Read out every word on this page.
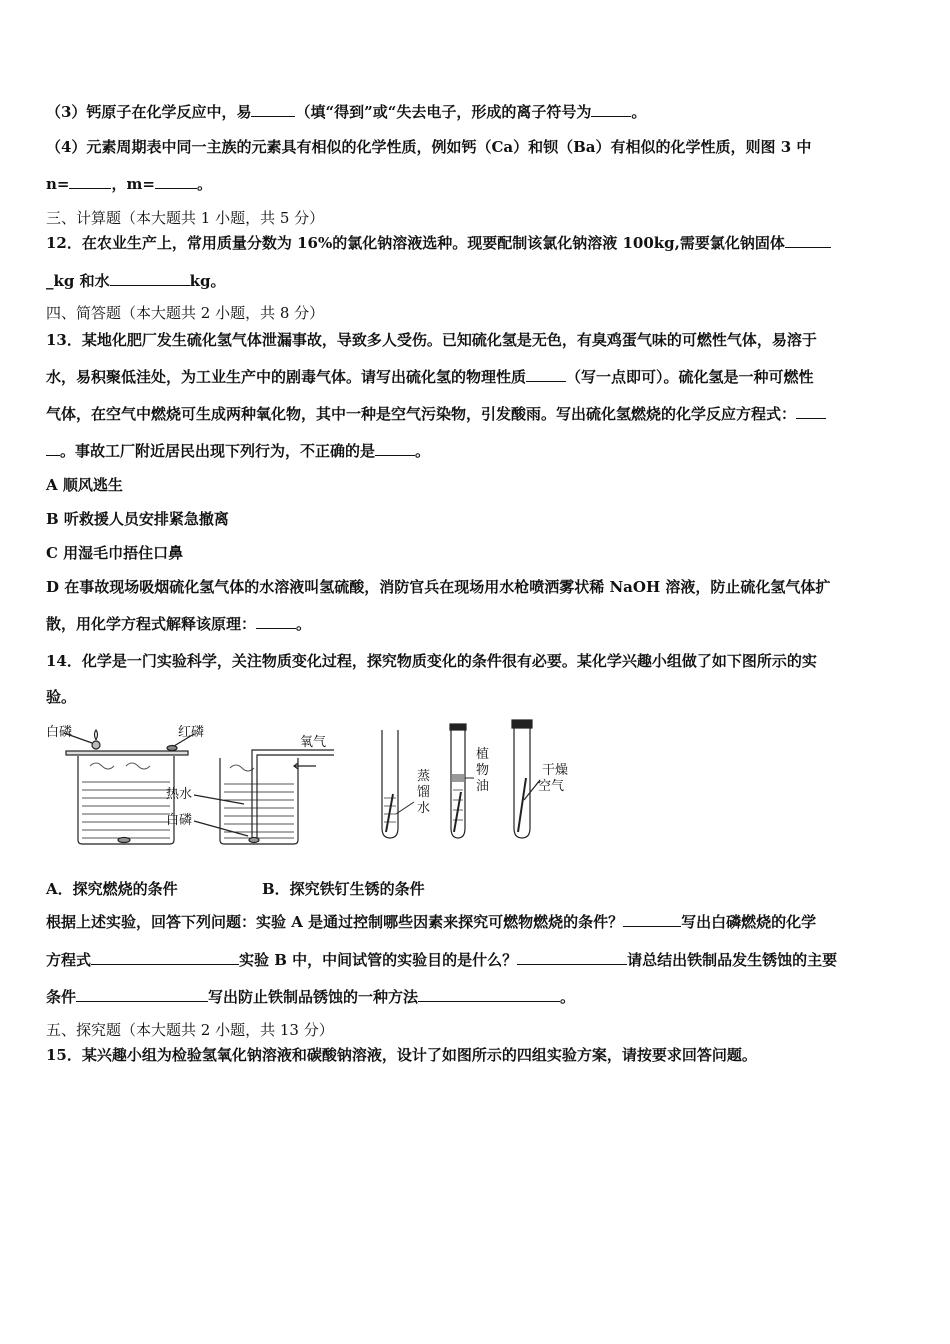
（3）钙原子在化学反应中，易	（填“得到”或“失去电子，形成的离子符号为	。
（4）元素周期表中同一主族的元素具有相似的化学性质，例如钙（Ca）和钡（Ba）有相似的化学性质，则图 3 中
n=	，m=	。
三、计算题（本大题共 1 小题，共 5 分）
12．在农业生产上，常用质量分数为 16%的氯化钠溶液选种。现要配制该氯化钠溶液 100kg,需要氯化钠固体
_kg 和水	kg。
四、简答题（本大题共 2 小题，共 8 分）
13．某地化肥厂发生硫化氢气体泄漏事故，导致多人受伤。已知硫化氢是无色，有臭鸡蛋气味的可燃性气体，易溶于
水，易积聚低洼处，为工业生产中的剧毒气体。请写出硫化氢的物理性质	（写一点即可）。硫化氢是一种可燃性
气体，在空气中燃烧可生成两种氧化物，其中一种是空气污染物，引发酸雨。写出硫化氢燃烧的化学反应方程式：
。事故工厂附近居民出现下列行为，不正确的是	。
A 顺风逃生
B 听救援人员安排紧急撤离
C 用湿毛巾捂住口鼻
D 在事故现场吸烟硫化氢气体的水溶液叫氢硫酸，消防官兵在现场用水枪喷洒雾状稀 NaOH 溶液，防止硫化氢气体扩
散，用化学方程式解释该原理：	。
14．化学是一门实验科学，关注物质变化过程，探究物质变化的条件很有必要。某化学兴趣小组做了如下图所示的实
验。
白磷	红磷
氧气
热水
白磷
蒸
馏
水
植
物
油
干燥
空气
A．探究燃烧的条件	B．探究铁钉生锈的条件
根据上述实验，回答下列问题：实验 A 是通过控制哪些因素来探究可燃物燃烧的条件？	写出白磷燃烧的化学
方程式	实验 B 中，中间试管的实验目的是什么？	请总结出铁制品发生锈蚀的主要
条件	写出防止铁制品锈蚀的一种方法	。
五、探究题（本大题共 2 小题，共 13 分）
15．某兴趣小组为检验氢氧化钠溶液和碳酸钠溶液，设计了如图所示的四组实验方案，请按要求回答问题。
